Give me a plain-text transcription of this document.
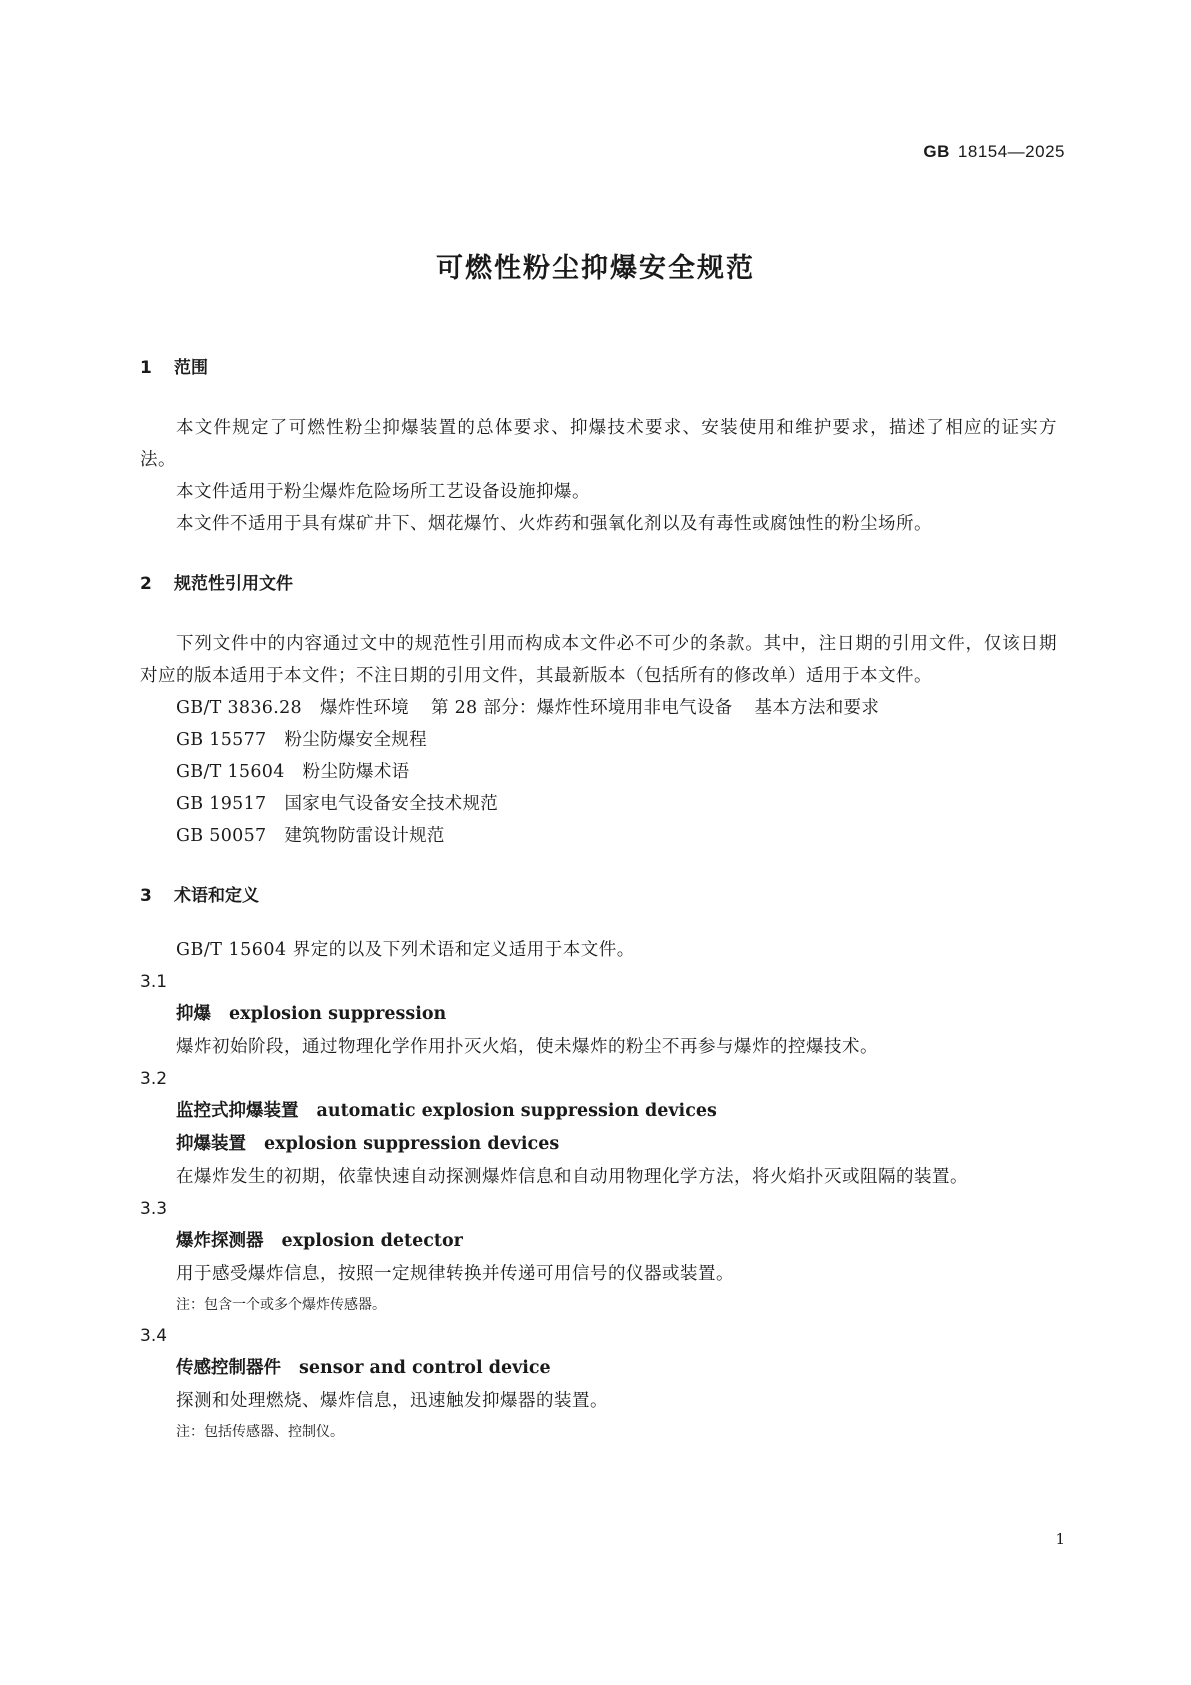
GB 18154—2025
可燃性粉尘抑爆安全规范
1 范围
本文件规定了可燃性粉尘抑爆装置的总体要求、抑爆技术要求、安装使用和维护要求，描述了相应的证实方法。
本文件适用于粉尘爆炸危险场所工艺设备设施抑爆。
本文件不适用于具有煤矿井下、烟花爆竹、火炸药和强氧化剂以及有毒性或腐蚀性的粉尘场所。
2 规范性引用文件
下列文件中的内容通过文中的规范性引用而构成本文件必不可少的条款。其中，注日期的引用文件，仅该日期对应的版本适用于本文件；不注日期的引用文件，其最新版本（包括所有的修改单）适用于本文件。
GB/T 3836.28 爆炸性环境 第 28 部分：爆炸性环境用非电气设备 基本方法和要求
GB 15577 粉尘防爆安全规程
GB/T 15604 粉尘防爆术语
GB 19517 国家电气设备安全技术规范
GB 50057 建筑物防雷设计规范
3 术语和定义
GB/T 15604 界定的以及下列术语和定义适用于本文件。
3.1
抑爆 explosion suppression
爆炸初始阶段，通过物理化学作用扑灭火焰，使未爆炸的粉尘不再参与爆炸的控爆技术。
3.2
监控式抑爆装置 automatic explosion suppression devices
抑爆装置 explosion suppression devices
在爆炸发生的初期，依靠快速自动探测爆炸信息和自动用物理化学方法，将火焰扑灭或阻隔的装置。
3.3
爆炸探测器 explosion detector
用于感受爆炸信息，按照一定规律转换并传递可用信号的仪器或装置。
注：包含一个或多个爆炸传感器。
3.4
传感控制器件 sensor and control device
探测和处理燃烧、爆炸信息，迅速触发抑爆器的装置。
注：包括传感器、控制仪。
1
